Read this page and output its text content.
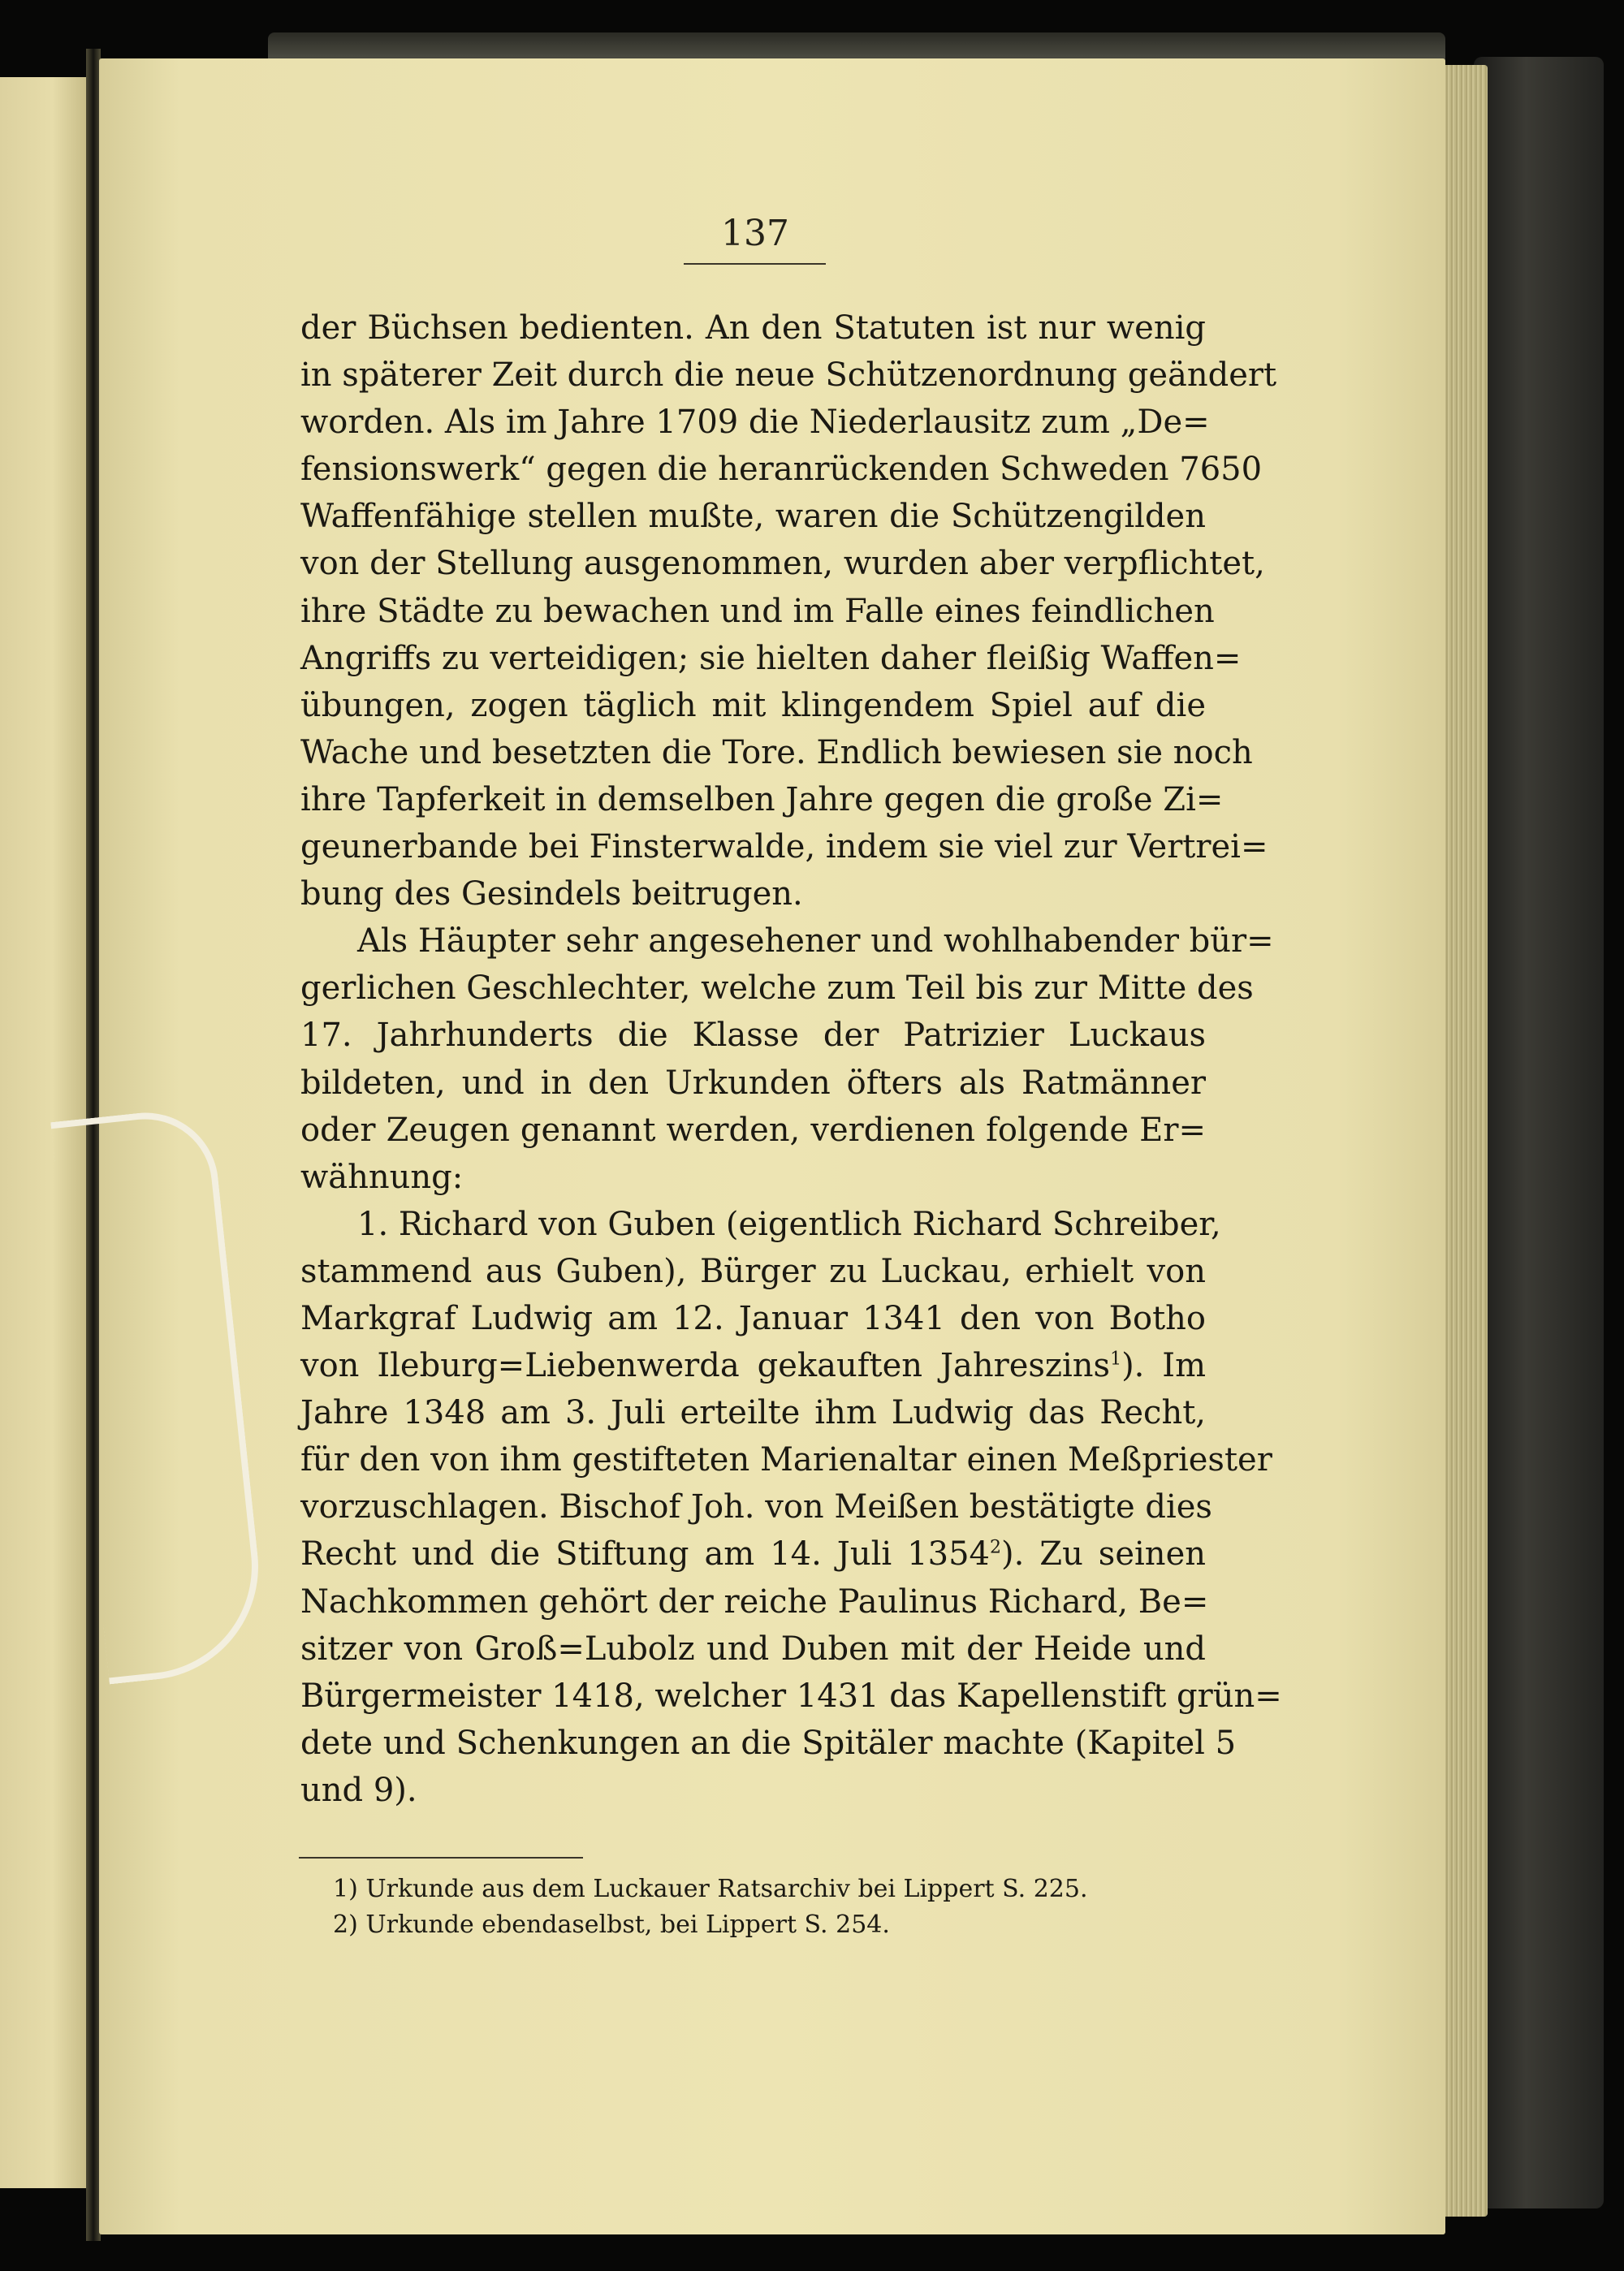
137
der Büchsen bedienten. An den Statuten ist nur wenig
in späterer Zeit durch die neue Schützenordnung geändert
worden. Als im Jahre 1709 die Niederlausitz zum „De=
fensionswerk“ gegen die heranrückenden Schweden 7650
Waffenfähige stellen mußte, waren die Schützengilden
von der Stellung ausgenommen, wurden aber verpflichtet,
ihre Städte zu bewachen und im Falle eines feindlichen
Angriffs zu verteidigen; sie hielten daher fleißig Waffen=
übungen, zogen täglich mit klingendem Spiel auf die
Wache und besetzten die Tore. Endlich bewiesen sie noch
ihre Tapferkeit in demselben Jahre gegen die große Zi=
geunerbande bei Finsterwalde, indem sie viel zur Vertrei=
bung des Gesindels beitrugen.
Als Häupter sehr angesehener und wohlhabender bür=
gerlichen Geschlechter, welche zum Teil bis zur Mitte des
17. Jahrhunderts die Klasse der Patrizier Luckaus
bildeten, und in den Urkunden öfters als Ratmänner
oder Zeugen genannt werden, verdienen folgende Er=
wähnung:
1. Richard von Guben (eigentlich Richard Schreiber,
stammend aus Guben), Bürger zu Luckau, erhielt von
Markgraf Ludwig am 12. Januar 1341 den von Botho
von Ileburg=Liebenwerda gekauften Jahreszins$^1$). Im
Jahre 1348 am 3. Juli erteilte ihm Ludwig das Recht,
für den von ihm gestifteten Marienaltar einen Meßpriester
vorzuschlagen. Bischof Joh. von Meißen bestätigte dies
Recht und die Stiftung am 14. Juli 1354$^2$). Zu seinen
Nachkommen gehört der reiche Paulinus Richard, Be=
sitzer von Groß=Lubolz und Duben mit der Heide und
Bürgermeister 1418, welcher 1431 das Kapellenstift grün=
dete und Schenkungen an die Spitäler machte (Kapitel 5
und 9).
1) Urkunde aus dem Luckauer Ratsarchiv bei Lippert S. 225.
2) Urkunde ebendaselbst, bei Lippert S. 254.
